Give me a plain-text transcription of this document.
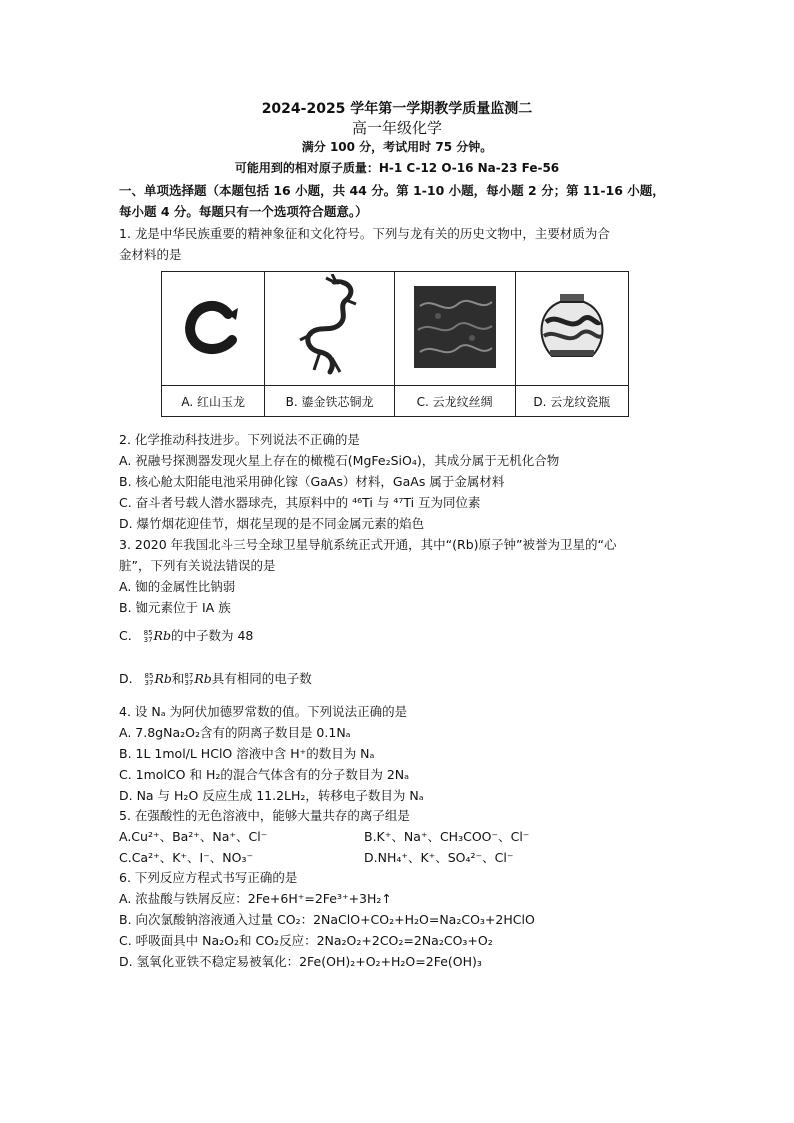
2024-2025 学年第一学期教学质量监测二
高一年级化学
满分 100 分，考试用时 75 分钟。
可能用到的相对原子质量：H-1 C-12 O-16 Na-23 Fe-56
一、单项选择题（本题包括 16 小题，共 44 分。第 1-10 小题，每小题 2 分；第 11-16 小题，
每小题 4 分。每题只有一个选项符合题意。）
1. 龙是中华民族重要的精神象征和文化符号。下列与龙有关的历史文物中，主要材质为合
金材料的是

A. 红山玉龙	B. 鎏金铁芯铜龙	C. 云龙纹丝绸	D. 云龙纹瓷瓶
2. 化学推动科技进步。下列说法不正确的是
A. 祝融号探测器发现火星上存在的橄榄石(MgFe₂SiO₄)，其成分属于无机化合物
B. 核心舱太阳能电池采用砷化镓（GaAs）材料，GaAs 属于金属材料
C. 奋斗者号载人潜水器球壳，其原料中的 ⁴⁶Ti 与 ⁴⁷Ti 互为同位素
D. 爆竹烟花迎佳节，烟花呈现的是不同金属元素的焰色
3. 2020 年我国北斗三号全球卫星导航系统正式开通，其中“(Rb)原子钟”被誉为卫星的“心
脏”，下列有关说法错误的是
A. 铷的金属性比钠弱
B. 铷元素位于 IA 族
C. 85
37 Rb的中子数为 48
D. 85
37 Rb和 87
37 Rb具有相同的电子数
4. 设 Nₐ 为阿伏加德罗常数的值。下列说法正确的是
A. 7.8gNa₂O₂含有的阴离子数目是 0.1Nₐ
B. 1L 1mol/L HClO 溶液中含 H⁺的数目为 Nₐ
C. 1molCO 和 H₂的混合气体含有的分子数目为 2Nₐ
D. Na 与 H₂O 反应生成 11.2LH₂，转移电子数目为 Nₐ
5. 在强酸性的无色溶液中，能够大量共存的离子组是
A.Cu²⁺、Ba²⁺、Na⁺、Cl⁻	B.K⁺、Na⁺、CH₃COO⁻、Cl⁻
C.Ca²⁺、K⁺、I⁻、NO₃⁻	D.NH₄⁺、K⁺、SO₄²⁻、Cl⁻
6. 下列反应方程式书写正确的是
A. 浓盐酸与铁屑反应：2Fe+6H⁺=2Fe³⁺+3H₂↑
B. 向次氯酸钠溶液通入过量 CO₂：2NaClO+CO₂+H₂O=Na₂CO₃+2HClO
C. 呼吸面具中 Na₂O₂和 CO₂反应：2Na₂O₂+2CO₂=2Na₂CO₃+O₂
D. 氢氧化亚铁不稳定易被氧化：2Fe(OH)₂+O₂+H₂O=2Fe(OH)₃
